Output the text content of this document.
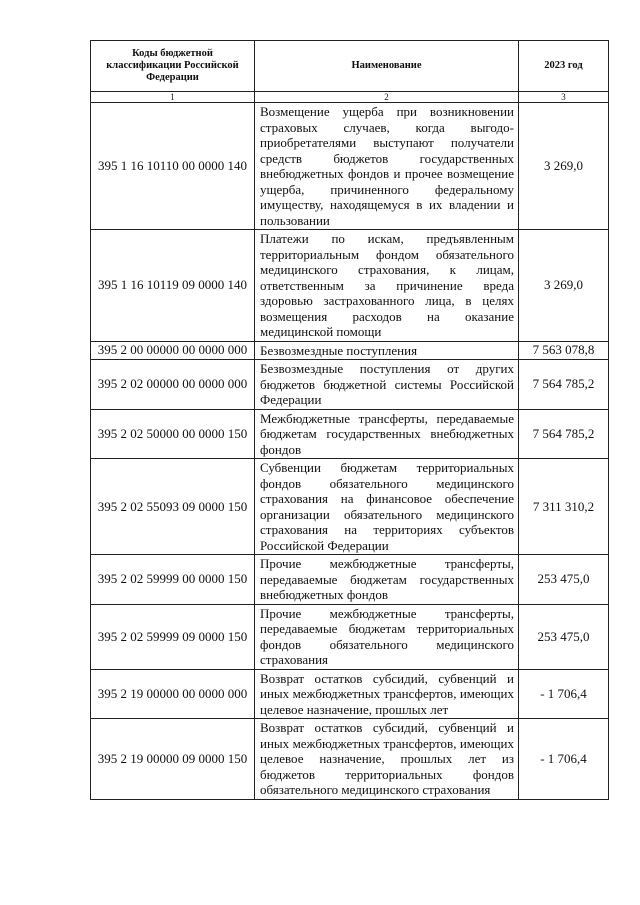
Коды бюджетной классификации Российской Федерации	Наименование	2023 год
1	2	3
395 1 16 10110 00 0000 140	Возмещение ущерба при возникновении страховых случаев, когда выгодо-приобретателями выступают получатели средств бюджетов государственных внебюджетных фондов и прочее возмещение ущерба, причиненного федеральному имуществу, находящемуся в их владении и пользовании	3 269,0
395 1 16 10119 09 0000 140	Платежи по искам, предъявленным территориальным фондом обязательного медицинского страхования, к лицам, ответственным за причинение вреда здоровью застрахованного лица, в целях возмещения расходов на оказание медицинской помощи	3 269,0
395 2 00 00000 00 0000 000	Безвозмездные поступления	7 563 078,8
395 2 02 00000 00 0000 000	Безвозмездные поступления от других бюджетов бюджетной системы Российской Федерации	7 564 785,2
395 2 02 50000 00 0000 150	Межбюджетные трансферты, передаваемые бюджетам государственных внебюджетных фондов	7 564 785,2
395 2 02 55093 09 0000 150	Субвенции бюджетам территориальных фондов обязательного медицинского страхования на финансовое обеспечение организации обязательного медицинского страхования на территориях субъектов Российской Федерации	7 311 310,2
395 2 02 59999 00 0000 150	Прочие межбюджетные трансферты, передаваемые бюджетам государственных внебюджетных фондов	253 475,0
395 2 02 59999 09 0000 150	Прочие межбюджетные трансферты, передаваемые бюджетам территориальных фондов обязательного медицинского страхования	253 475,0
395 2 19 00000 00 0000 000	Возврат остатков субсидий, субвенций и иных межбюджетных трансфертов, имеющих целевое назначение, прошлых лет	- 1 706,4
395 2 19 00000 09 0000 150	Возврат остатков субсидий, субвенций и иных межбюджетных трансфертов, имеющих целевое назначение, прошлых лет из бюджетов территориальных фондов обязательного медицинского страхования	- 1 706,4
